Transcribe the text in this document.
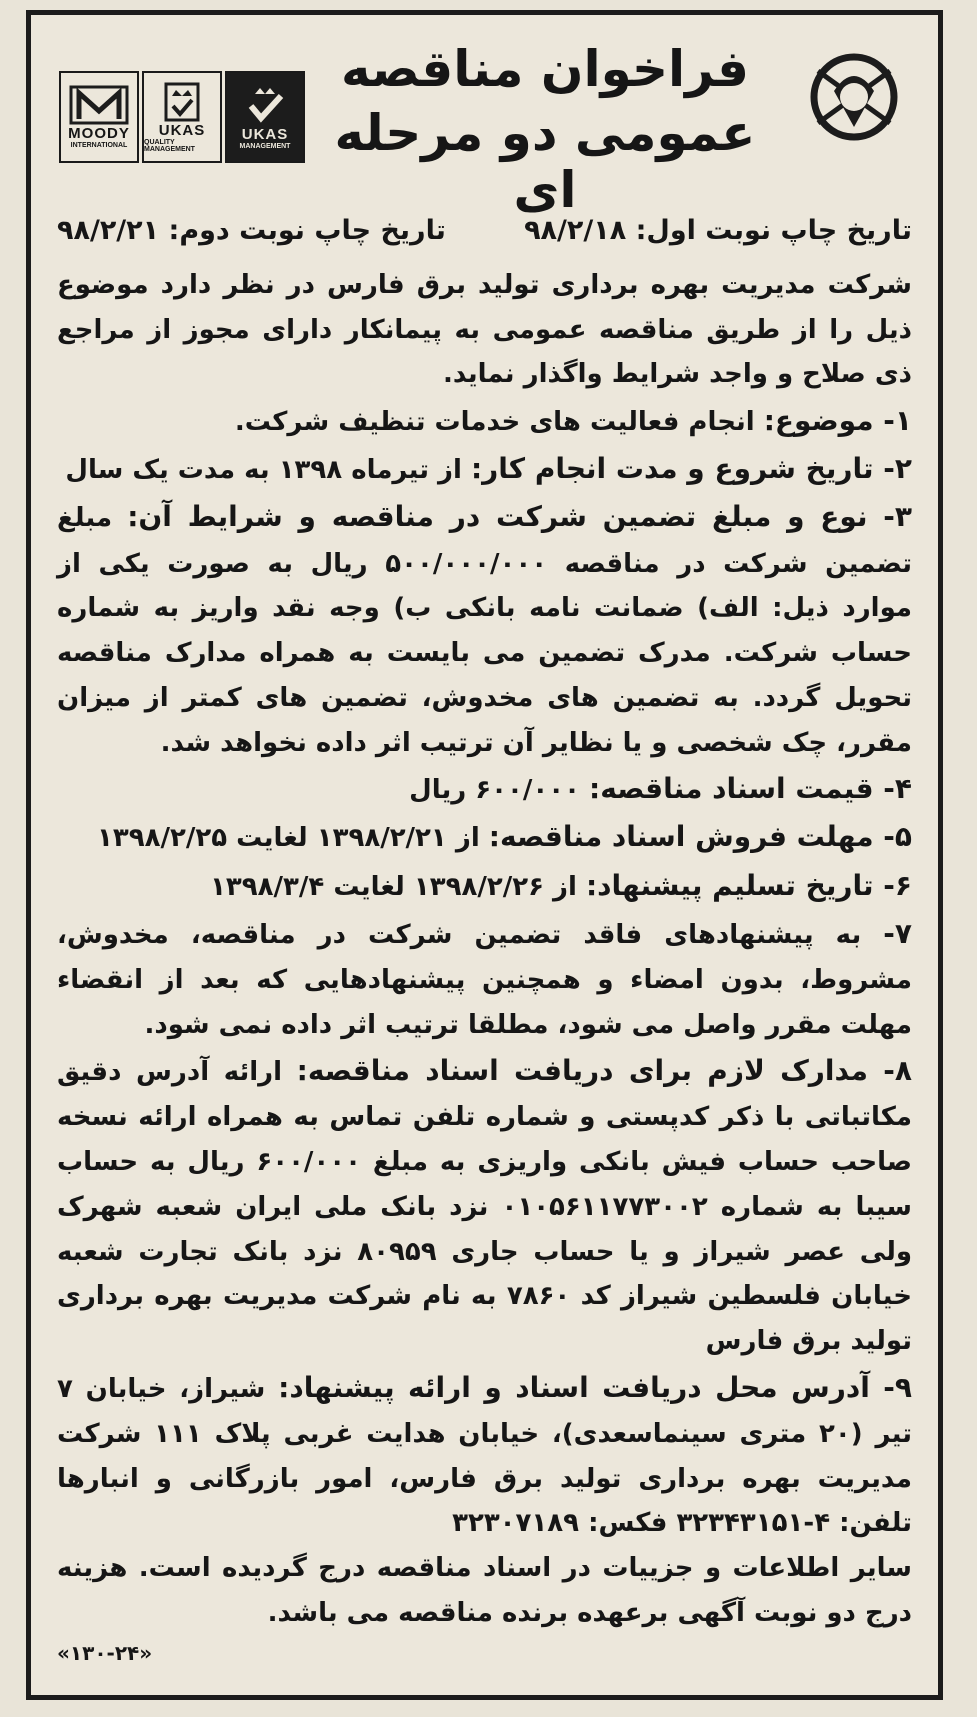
فراخوان مناقصه
عمومی دو مرحله ای
MOODY
INTERNATIONAL
UKAS
QUALITY MANAGEMENT
UKAS
MANAGEMENT
تاریخ چاپ نوبت اول: ۹۸/۲/۱۸
تاریخ چاپ نوبت دوم: ۹۸/۲/۲۱

شرکت مدیریت بهره برداری تولید برق فارس در نظر دارد موضوع ذیل را از طریق مناقصه عمومی به پیمانکار دارای مجوز از مراجع ذی صلاح و واجد شرایط واگذار نماید.

۱- موضوع: انجام فعالیت های خدمات تنظیف شرکت.

۲- تاریخ شروع و مدت انجام کار: از تیرماه ۱۳۹۸ به مدت یک سال

۳- نوع و مبلغ تضمین شرکت در مناقصه و شرایط آن: مبلغ تضمین شرکت در مناقصه ۵۰۰/۰۰۰/۰۰۰ ریال به صورت یکی از موارد ذیل: الف) ضمانت نامه بانکی ب) وجه نقد واریز به شماره حساب شرکت. مدرک تضمین می بایست به همراه مدارک مناقصه تحویل گردد. به تضمین های مخدوش، تضمین های کمتر از میزان مقرر، چک شخصی و یا نظایر آن ترتیب اثر داده نخواهد شد.

۴- قیمت اسناد مناقصه: ۶۰۰/۰۰۰ ریال

۵- مهلت فروش اسناد مناقصه: از ۱۳۹۸/۲/۲۱ لغایت ۱۳۹۸/۲/۲۵

۶- تاریخ تسلیم پیشنهاد: از ۱۳۹۸/۲/۲۶ لغایت ۱۳۹۸/۳/۴

۷- به پیشنهادهای فاقد تضمین شرکت در مناقصه، مخدوش، مشروط، بدون امضاء و همچنین پیشنهادهایی که بعد از انقضاء مهلت مقرر واصل می شود، مطلقا ترتیب اثر داده نمی شود.

۸- مدارک لازم برای دریافت اسناد مناقصه: ارائه آدرس دقیق مکاتباتی با ذکر کدپستی و شماره تلفن تماس به همراه ارائه نسخه صاحب حساب فیش بانکی واریزی به مبلغ ۶۰۰/۰۰۰ ریال به حساب سیبا به شماره ۰۱۰۵۶۱۱۷۷۳۰۰۲ نزد بانک ملی ایران شعبه شهرک ولی عصر شیراز و یا حساب جاری ۸۰۹۵۹ نزد بانک تجارت شعبه خیابان فلسطین شیراز کد ۷۸۶۰ به نام شرکت مدیریت بهره برداری تولید برق فارس

۹- آدرس محل دریافت اسناد و ارائه پیشنهاد: شیراز، خیابان ۷ تیر (۲۰ متری سینماسعدی)، خیابان هدایت غربی پلاک ۱۱۱ شرکت مدیریت بهره برداری تولید برق فارس، امور بازرگانی و انبارها تلفن: ۴-۳۲۳۴۳۱۵۱ فکس: ۳۲۳۰۷۱۸۹

سایر اطلاعات و جزییات در اسناد مناقصه درج گردیده است. هزینه درج دو نوبت آگهی برعهده برنده مناقصه می باشد.

«۱۳۰-۲۴»
